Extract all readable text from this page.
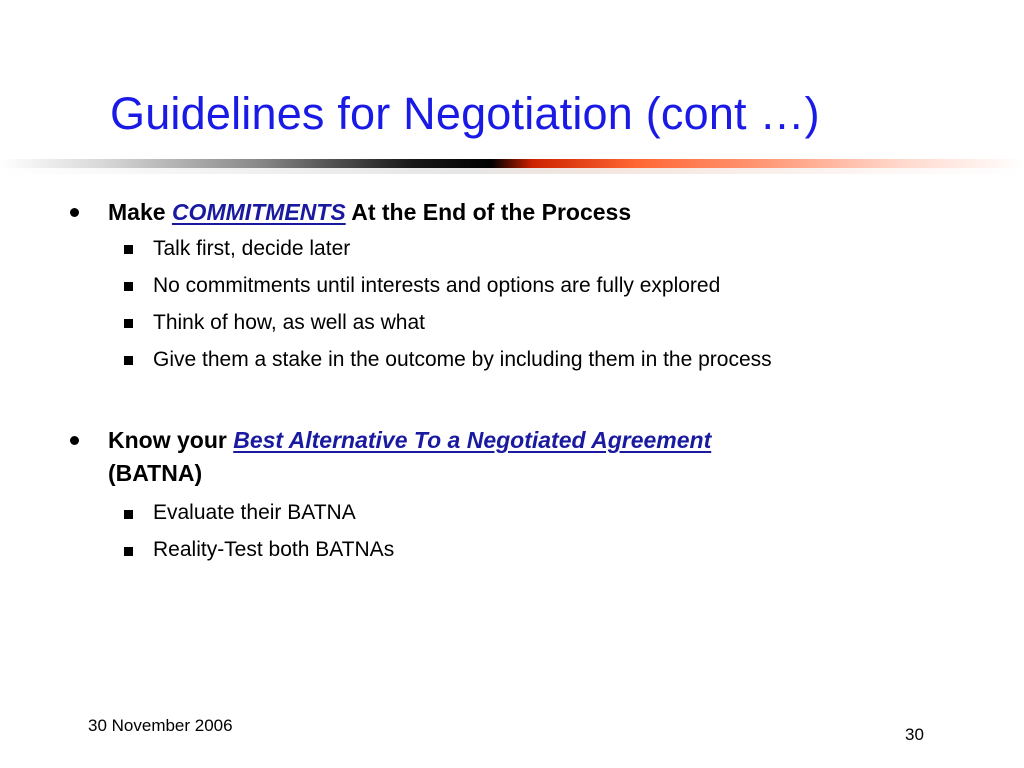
Guidelines for Negotiation (cont …)
Make COMMITMENTS At the End of the Process
Talk first, decide later
No commitments until interests and options are fully explored
Think of how, as well as what
Give them a stake in the outcome by including them in the process
Know your Best Alternative To a Negotiated Agreement
(BATNA)
Evaluate their BATNA
Reality-Test both BATNAs
30 November 2006	30
